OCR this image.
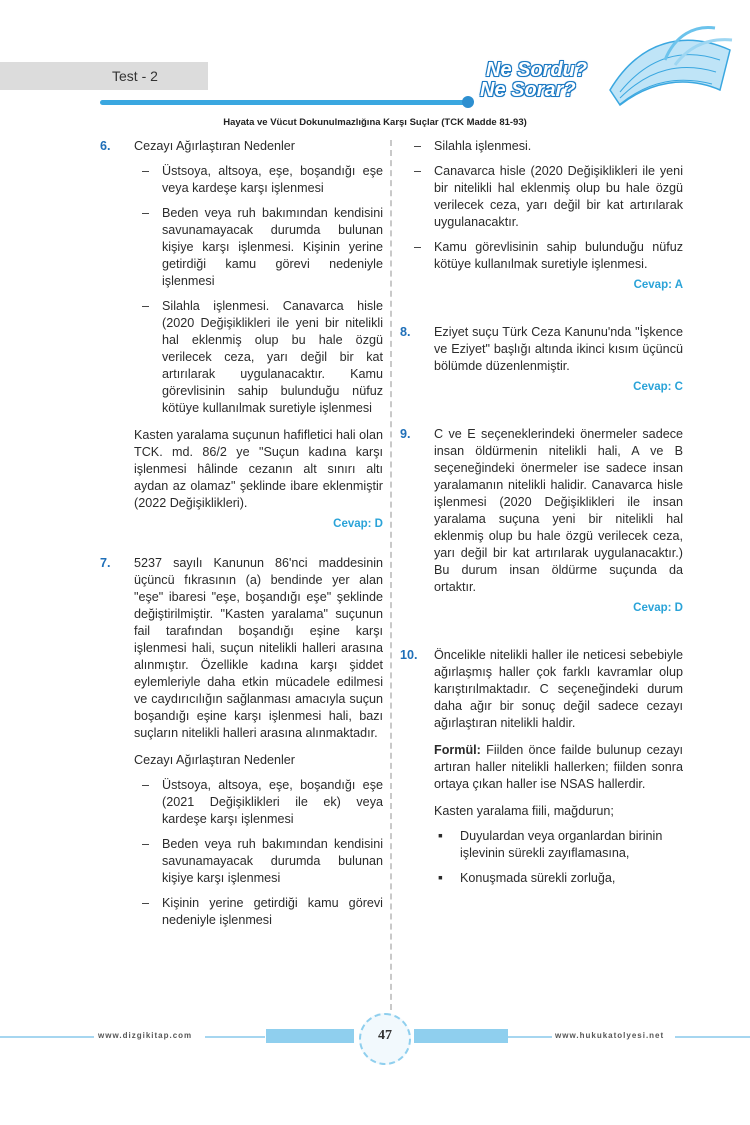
Test - 2	Ne Sordu?
Ne Sorar?
Hayata ve Vücut Dokunulmazlığına Karşı Suçlar (TCK Madde 81-93)
6. Cezayı Ağırlaştıran Nedenler
– Üstsoya, altsoya, eşe, boşandığı eşe veya kardeşe karşı işlenmesi
– Beden veya ruh bakımından kendisini savunamayacak durumda bulunan kişiye karşı işlenmesi. Kişinin yerine getirdiği kamu görevi nedeniyle işlenmesi
– Silahla işlenmesi. Canavarca hisle (2020 Değişiklikleri ile yeni bir nitelikli hal eklenmiş olup bu hale özgü verilecek ceza, yarı değil bir kat artırılarak uygulanacaktır. Kamu görevlisinin sahip bulunduğu nüfuz kötüye kullanılmak suretiyle işlenmesi
Kasten yaralama suçunun hafifletici hali olan TCK. md. 86/2 ye "Suçun kadına karşı işlenmesi hâlinde cezanın alt sınırı altı aydan az olamaz" şeklinde ibare eklenmiştir (2022 Değişiklikleri).
Cevap: D
7. 5237 sayılı Kanunun 86'nci maddesinin üçüncü fıkrasının (a) bendinde yer alan "eşe" ibaresi "eşe, boşandığı eşe" şeklinde değiştirilmiştir. "Kasten yaralama" suçunun fail tarafından boşandığı eşine karşı işlenmesi hali, suçun nitelikli halleri arasına alınmıştır. Özellikle kadına karşı şiddet eylemleriyle daha etkin mücadele edilmesi ve caydırıcılığın sağlanması amacıyla suçun boşandığı eşine karşı işlenmesi hali, bazı suçların nitelikli halleri arasına alınmaktadır.
Cezayı Ağırlaştıran Nedenler
– Üstsoya, altsoya, eşe, boşandığı eşe (2021 Değişiklikleri ile ek) veya kardeşe karşı işlenmesi
– Beden veya ruh bakımından kendisini savunamayacak durumda bulunan kişiye karşı işlenmesi
– Kişinin yerine getirdiği kamu görevi nedeniyle işlenmesi
– Silahla işlenmesi.
– Canavarca hisle (2020 Değişiklikleri ile yeni bir nitelikli hal eklenmiş olup bu hale özgü verilecek ceza, yarı değil bir kat artırılarak uygulanacaktır.
– Kamu görevlisinin sahip bulunduğu nüfuz kötüye kullanılmak suretiyle işlenmesi.
Cevap: A
8. Eziyet suçu Türk Ceza Kanunu'nda "İşkence ve Eziyet" başlığı altında ikinci kısım üçüncü bölümde düzenlenmiştir.
Cevap: C
9. C ve E seçeneklerindeki önermeler sadece insan öldürmenin nitelikli hali, A ve B seçeneğindeki önermeler ise sadece insan yaralamanın nitelikli halidir. Canavarca hisle işlenmesi (2020 Değişiklikleri ile insan yaralama suçuna yeni bir nitelikli hal eklenmiş olup bu hale özgü verilecek ceza, yarı değil bir kat artırılarak uygulanacaktır.) Bu durum insan öldürme suçunda da ortaktır.
Cevap: D
10. Öncelikle nitelikli haller ile neticesi sebebiyle ağırlaşmış haller çok farklı kavramlar olup karıştırılmaktadır. C seçeneğindeki durum daha ağır bir sonuç değil sadece cezayı ağırlaştıran nitelikli haldir.
Formül: Fiilden önce failde bulunup cezayı artıran haller nitelikli hallerken; fiilden sonra ortaya çıkan haller ise NSAS hallerdir.
Kasten yaralama fiili, mağdurun;
▪ Duyulardan veya organlardan birinin işlevinin sürekli zayıflamasına,
▪ Konuşmada sürekli zorluğa,
www.dizgikitap.com	47	www.hukukatolyesi.net
